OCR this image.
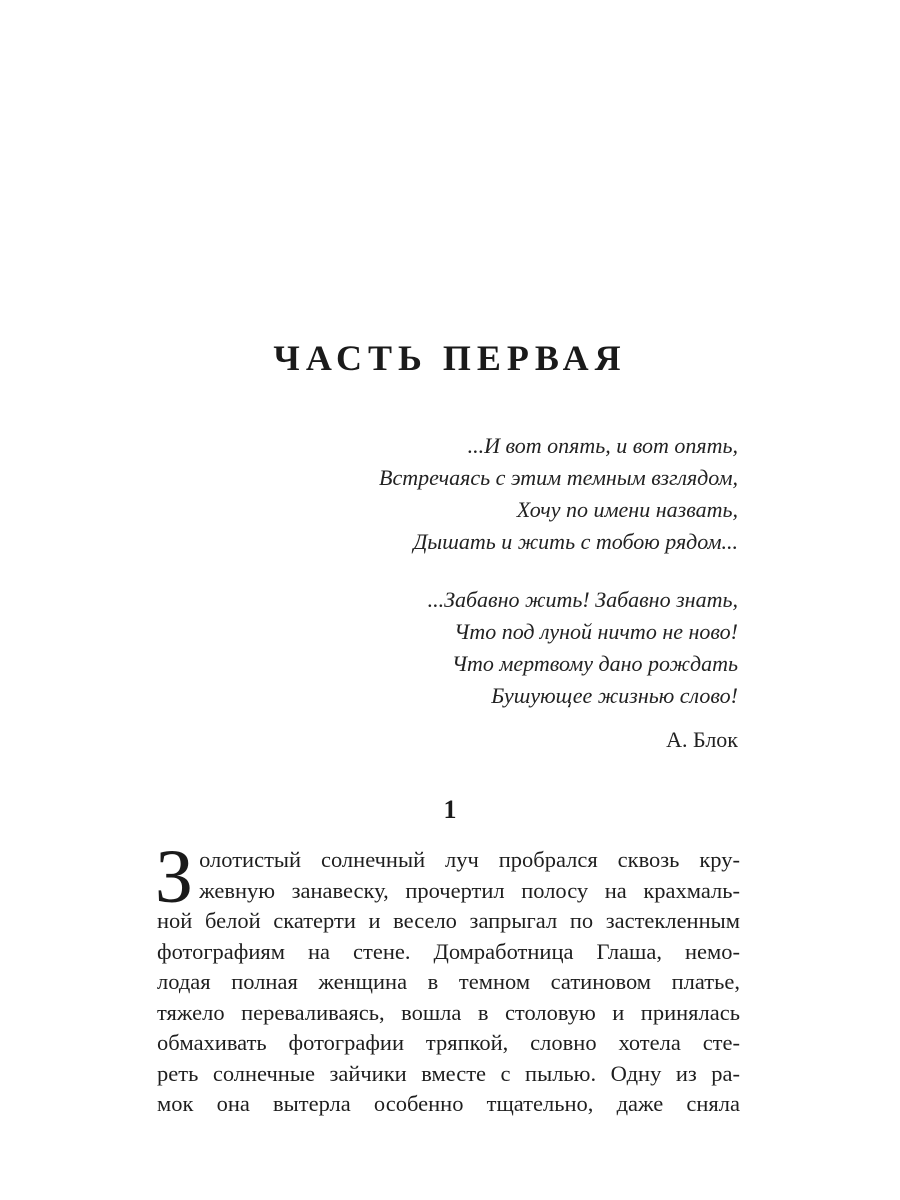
ЧАСТЬ ПЕРВАЯ
...И вот опять, и вот опять,
Встречаясь с этим темным взглядом,
Хочу по имени назвать,
Дышать и жить с тобою рядом...
...Забавно жить! Забавно знать,
Что под луной ничто не ново!
Что мертвому дано рождать
Бушующее жизнью слово!
А. Блок
1
З олотистый солнечный луч пробрался сквозь кру-
жевную занавеску, прочертил полосу на крахмаль-
ной белой скатерти и весело запрыгал по застекленным
фотографиям на стене. Домработница Глаша, немо-
лодая полная женщина в темном сатиновом платье,
тяжело переваливаясь, вошла в столовую и принялась
обмахивать фотографии тряпкой, словно хотела сте-
реть солнечные зайчики вместе с пылью. Одну из ра-
мок она вытерла особенно тщательно, даже сняла
